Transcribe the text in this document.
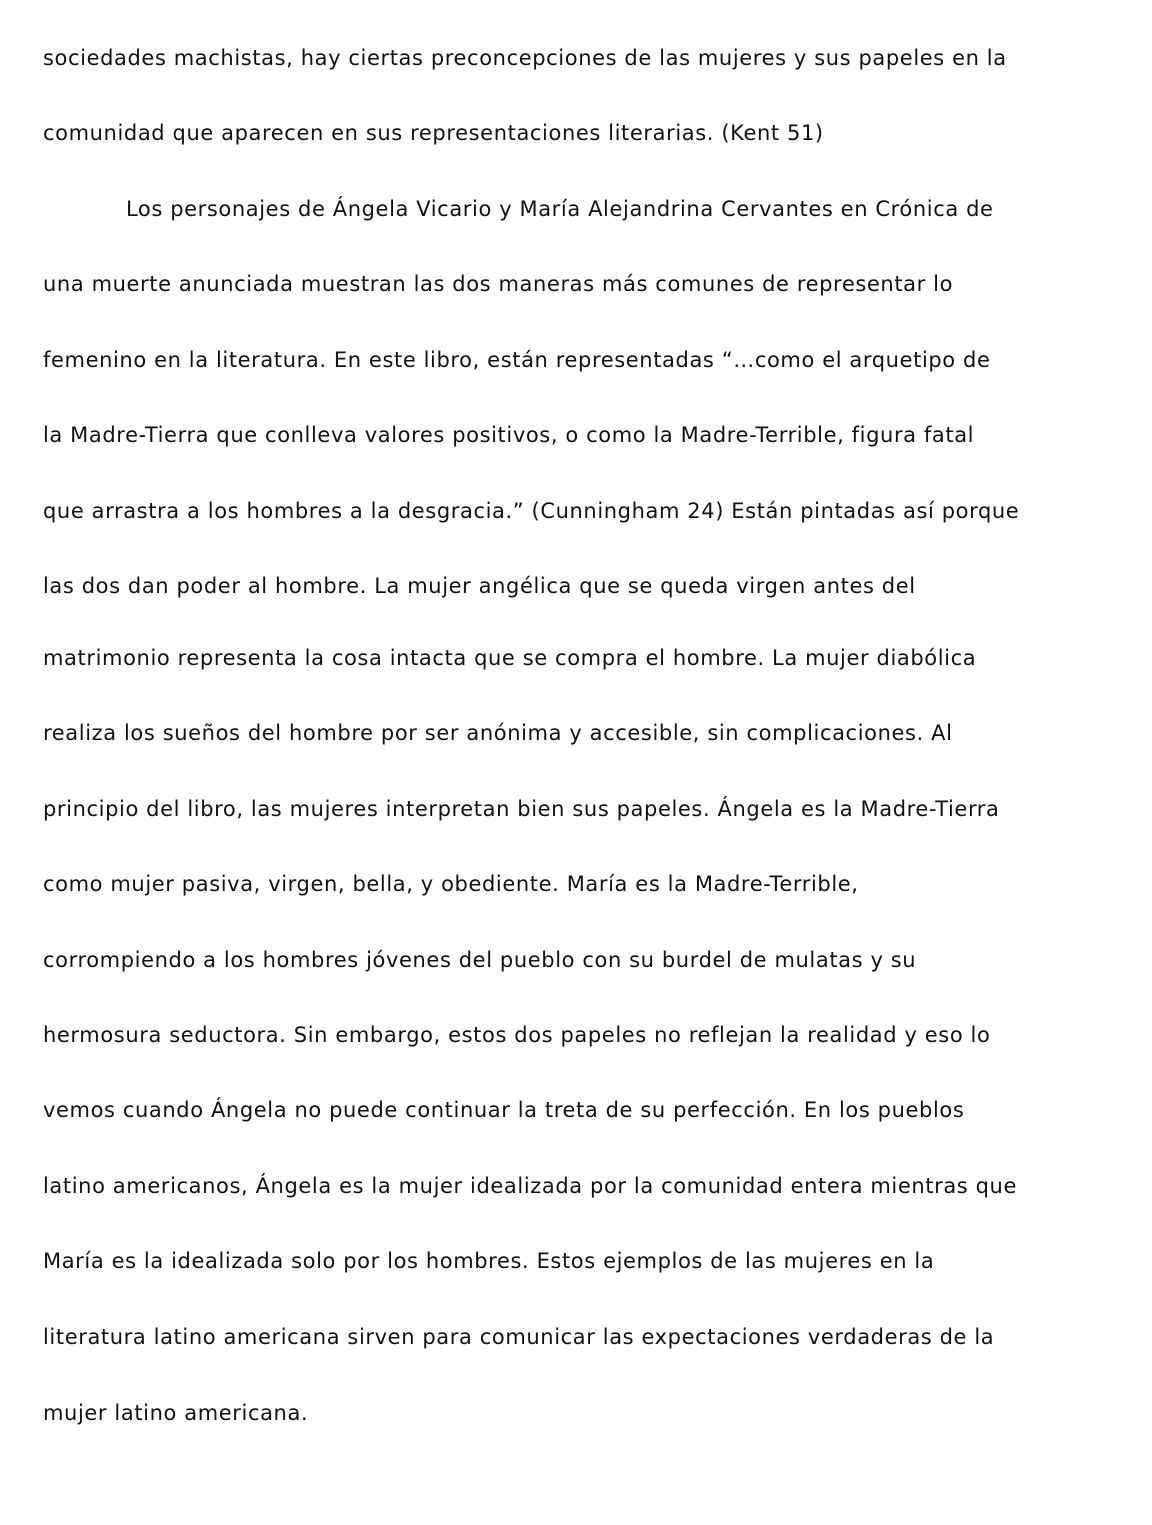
sociedades machistas, hay ciertas preconcepciones de las mujeres y sus papeles en la
comunidad que aparecen en sus representaciones literarias. (Kent 51)
Los personajes de Ángela Vicario y María Alejandrina Cervantes en Crónica de
una muerte anunciada muestran las dos maneras más comunes de representar lo
femenino en la literatura. En este libro, están representadas “…como el arquetipo de
la Madre-Tierra que conlleva valores positivos, o como la Madre-Terrible, figura fatal
que arrastra a los hombres a la desgracia.” (Cunningham 24) Están pintadas así porque
las dos dan poder al hombre. La mujer angélica que se queda virgen antes del
matrimonio representa la cosa intacta que se compra el hombre. La mujer diabólica
realiza los sueños del hombre por ser anónima y accesible, sin complicaciones. Al
principio del libro, las mujeres interpretan bien sus papeles. Ángela es la Madre-Tierra
como mujer pasiva, virgen, bella, y obediente. María es la Madre-Terrible,
corrompiendo a los hombres jóvenes del pueblo con su burdel de mulatas y su
hermosura seductora. Sin embargo, estos dos papeles no reflejan la realidad y eso lo
vemos cuando Ángela no puede continuar la treta de su perfección. En los pueblos
latino americanos, Ángela es la mujer idealizada por la comunidad entera mientras que
María es la idealizada solo por los hombres. Estos ejemplos de las mujeres en la
literatura latino americana sirven para comunicar las expectaciones verdaderas de la
mujer latino americana.
